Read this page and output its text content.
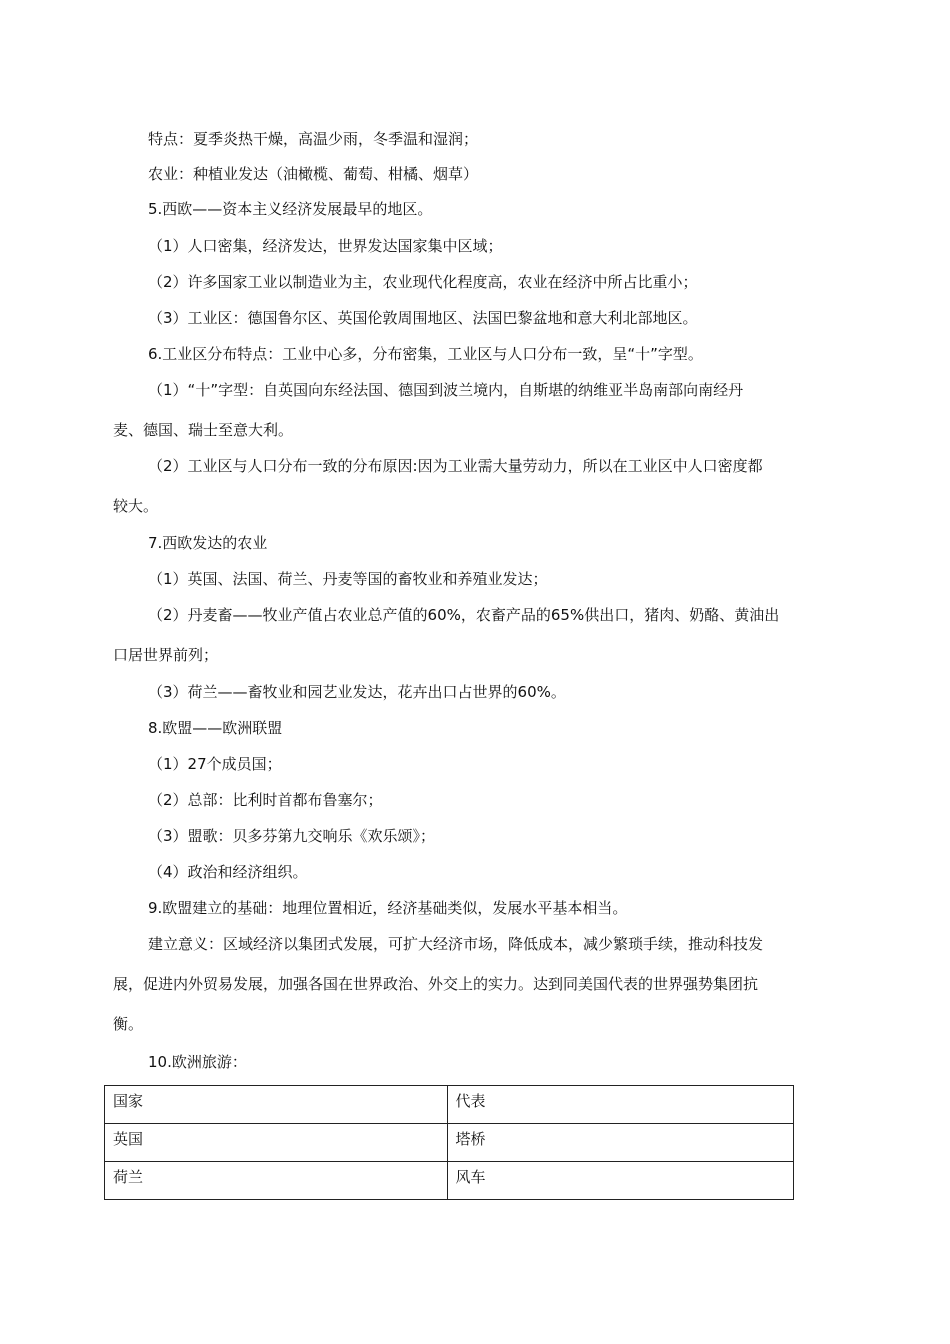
特点：夏季炎热干燥，高温少雨，冬季温和湿润；
农业：种植业发达（油橄榄、葡萄、柑橘、烟草）
5.西欧——资本主义经济发展最早的地区。
（1）人口密集，经济发达，世界发达国家集中区域；
（2）许多国家工业以制造业为主，农业现代化程度高，农业在经济中所占比重小；
（3）工业区：德国鲁尔区、英国伦敦周围地区、法国巴黎盆地和意大利北部地区。
6.工业区分布特点：工业中心多，分布密集，工业区与人口分布一致，呈“十”字型。
（1）“十”字型：自英国向东经法国、德国到波兰境内，自斯堪的纳维亚半岛南部向南经丹
麦、德国、瑞士至意大利。
（2）工业区与人口分布一致的分布原因:因为工业需大量劳动力，所以在工业区中人口密度都
较大。
7.西欧发达的农业
（1）英国、法国、荷兰、丹麦等国的畜牧业和养殖业发达；
（2）丹麦畜——牧业产值占农业总产值的60%，农畜产品的65%供出口，猪肉、奶酪、黄油出
口居世界前列；
（3）荷兰——畜牧业和园艺业发达，花卉出口占世界的60%。
8.欧盟——欧洲联盟
（1）27个成员国；
（2）总部：比利时首都布鲁塞尔；
（3）盟歌：贝多芬第九交响乐《欢乐颂》；
（4）政治和经济组织。
9.欧盟建立的基础：地理位置相近，经济基础类似，发展水平基本相当。
建立意义：区域经济以集团式发展，可扩大经济市场，降低成本，减少繁琐手续，推动科技发
展，促进内外贸易发展，加强各国在世界政治、外交上的实力。达到同美国代表的世界强势集团抗
衡。
10.欧洲旅游：
国家	代表
英国	塔桥
荷兰	风车
